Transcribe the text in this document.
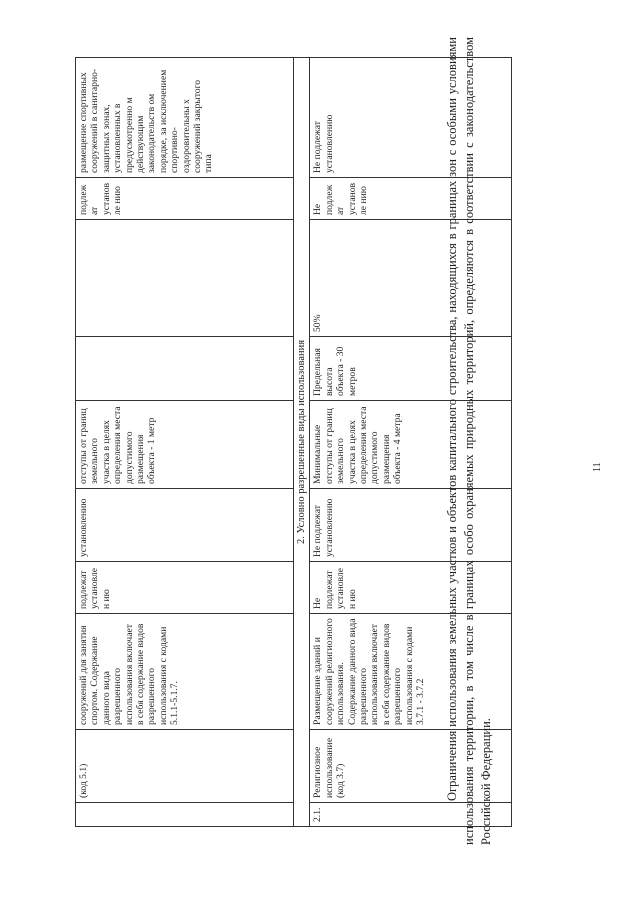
	(код 5.1)	сооружений для занятия спортом. Содержание данного вида разрешенного использования включает в себя содержание видов разрешенного использования с кодами 5.1.1-5.1.7.	подлежат установлен ию	установлению	отступы от границ земельного участка в целях определения места допустимого размещения объекта - 1 метр			подлежат установле нию	размещение спортивных сооружений в санитарно-защитных зонах, установленных в предусмотренно м действующим законодательств ом порядке, за исключением спортивно-оздоровительны х сооружений закрытого типа
2. Условно разрешенные виды использования									
2.1.	Религиозное использование (код 3.7)	Размещение зданий и сооружений религиозного использования. Содержание данного вида разрешенного использования включает в себя содержание видов разрешенного использования с кодами 3.7.1 - 3.7.2	Не подлежат установлен ию	Не подлежат установлению	Минимальные отступы от границ земельного участка в целях определения места допустимого размещения объекта - 4 метра	Предельная высота объекта - 30 метров	50%	Не подлежат установле нию	Не подлежат установлению	Ограничения использования земельных участков и объектов капитального строительства, находящихся в границах зон с особыми условиями использования территории, в том числе в границах особо охраняемых природных территорий, определяются в соответствии с законодательством Российской Федерации.
11
